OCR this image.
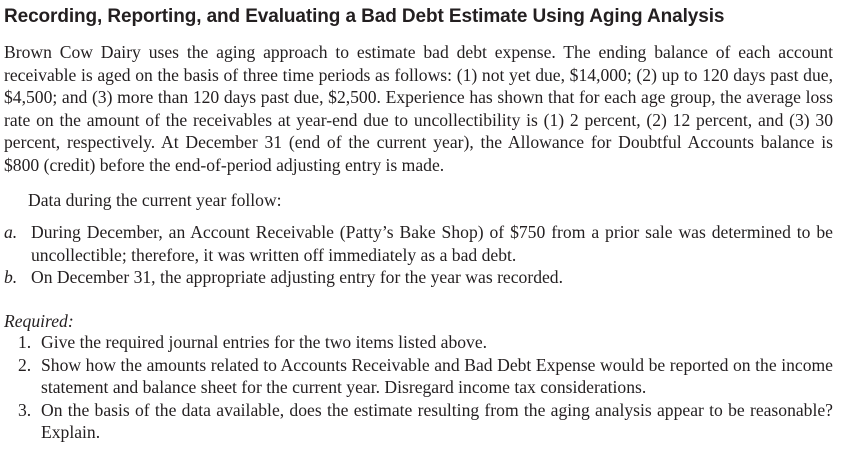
Recording, Reporting, and Evaluating a Bad Debt Estimate Using Aging Analysis

Brown Cow Dairy uses the aging approach to estimate bad debt expense. The ending balance of each account receivable is aged on the basis of three time periods as follows: (1) not yet due, $14,000; (2) up to 120 days past due, $4,500; and (3) more than 120 days past due, $2,500. Experience has shown that for each age group, the average loss rate on the amount of the receivables at year-end due to uncollectibility is (1) 2 percent, (2) 12 percent, and (3) 30 percent, respectively. At December 31 (end of the current year), the Allowance for Doubtful Accounts balance is $800 (credit) before the end-of-period adjusting entry is made.

Data during the current year follow:
a. During December, an Account Receivable (Patty’s Bake Shop) of $750 from a prior sale was determined to be uncollectible; therefore, it was written off immediately as a bad debt.
b. On December 31, the appropriate adjusting entry for the year was recorded.
Required:
1. Give the required journal entries for the two items listed above.
2. Show how the amounts related to Accounts Receivable and Bad Debt Expense would be reported on the income statement and balance sheet for the current year. Disregard income tax considerations.
3. On the basis of the data available, does the estimate resulting from the aging analysis appear to be reasonable? Explain.
